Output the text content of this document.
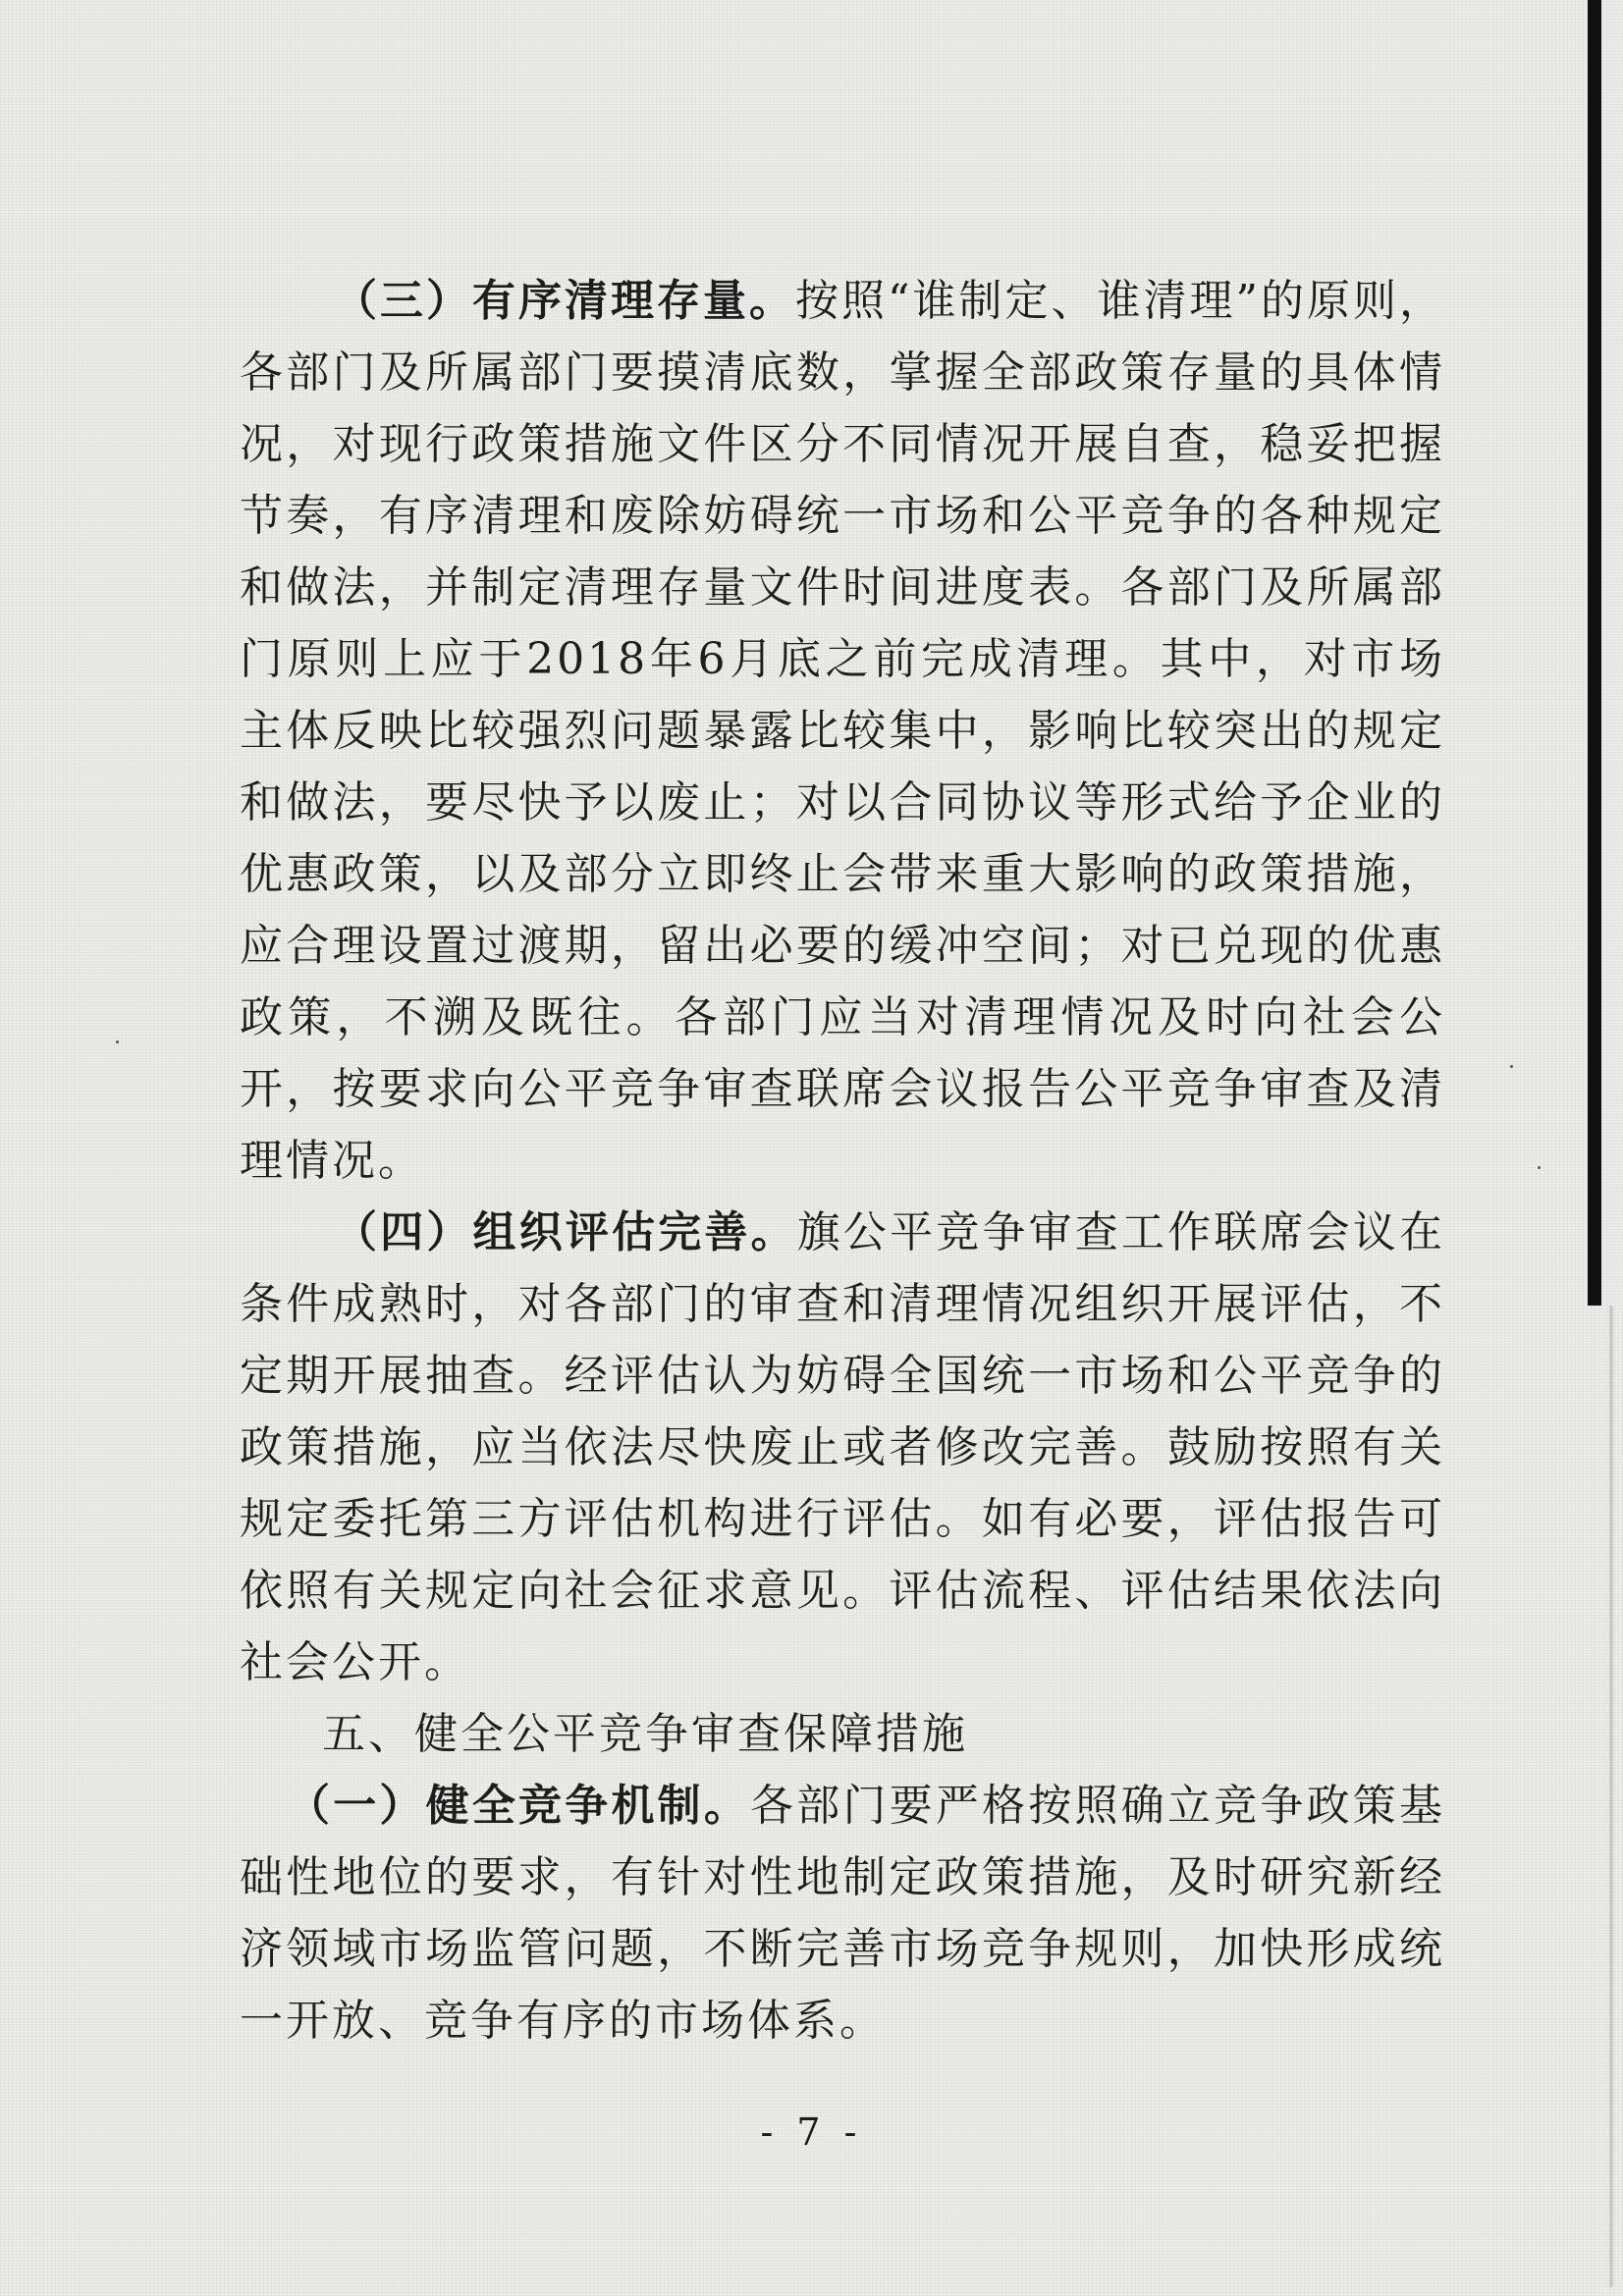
（三）有序清理存量。按照“谁制定、谁清理”的原则，各部门及所属部门要摸清底数，掌握全部政策存量的具体情况，对现行政策措施文件区分不同情况开展自查，稳妥把握节奏，有序清理和废除妨碍统一市场和公平竞争的各种规定和做法，并制定清理存量文件时间进度表。各部门及所属部门原则上应于2018年6月底之前完成清理。其中，对市场主体反映比较强烈问题暴露比较集中，影响比较突出的规定和做法，要尽快予以废止；对以合同协议等形式给予企业的优惠政策，以及部分立即终止会带来重大影响的政策措施，应合理设置过渡期，留出必要的缓冲空间；对已兑现的优惠政策，不溯及既往。各部门应当对清理情况及时向社会公开，按要求向公平竞争审查联席会议报告公平竞争审查及清理情况。

（四）组织评估完善。旗公平竞争审查工作联席会议在条件成熟时，对各部门的审查和清理情况组织开展评估，不定期开展抽查。经评估认为妨碍全国统一市场和公平竞争的政策措施，应当依法尽快废止或者修改完善。鼓励按照有关规定委托第三方评估机构进行评估。如有必要，评估报告可依照有关规定向社会征求意见。评估流程、评估结果依法向社会公开。

五、健全公平竞争审查保障措施

（一）健全竞争机制。各部门要严格按照确立竞争政策基础性地位的要求，有针对性地制定政策措施，及时研究新经济领域市场监管问题，不断完善市场竞争规则，加快形成统一开放、竞争有序的市场体系。

- 7 -
